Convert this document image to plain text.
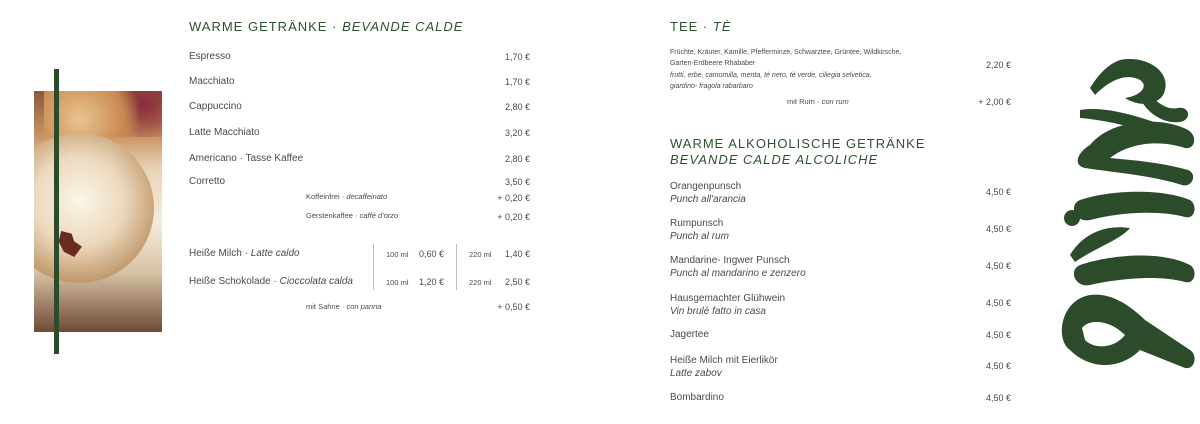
WARME GETRÄNKE · BEVANDE CALDE
Espresso	1,70 €
Macchiato	1,70 €
Cappuccino	2,80 €
Latte Macchiato	3,20 €
Americano · Tasse Kaffee	2,80 €
Corretto	3,50 €
Koffeinfrei · decaffeinato	+ 0,20 €
Gerstenkaffee · caffé d'orzo	+ 0,20 €
Heiße Milch · Latte caldo	100 ml 0,60 €	220 ml 1,40 €
Heiße Schokolade · Cioccolata calda	100 ml 1,20 €	220 ml 2,50 €
mit Sahne · con panna	+ 0,50 €
TEE · TÈ
Früchte, Kräuter, Kamille, Pfefferminze, Schwarztee, Grüntee, Wildkirsche,
Garten-Erdbeere Rhababer
frutti, erbe, camomilla, menta, tè nero, tè verde, ciliegia selvetica,
giardino- fragola rabarbaro
2,20 €
mit Rum · con rum	+ 2,00 €
WARME ALKOHOLISCHE GETRÄNKE
BEVANDE CALDE ALCOLICHE
Orangenpunsch
Punch all'arancia
4,50 €
Rumpunsch
Punch al rum
4,50 €
Mandarine- Ingwer Punsch
Punch al mandarino e zenzero
4,50 €
Hausgemachter Glühwein
Vin brulé fatto in casa
4,50 €
Jagertee	4,50 €
Heiße Milch mit Eierlikör
Latte zabov
4,50 €
Bombardino	4,50 €
